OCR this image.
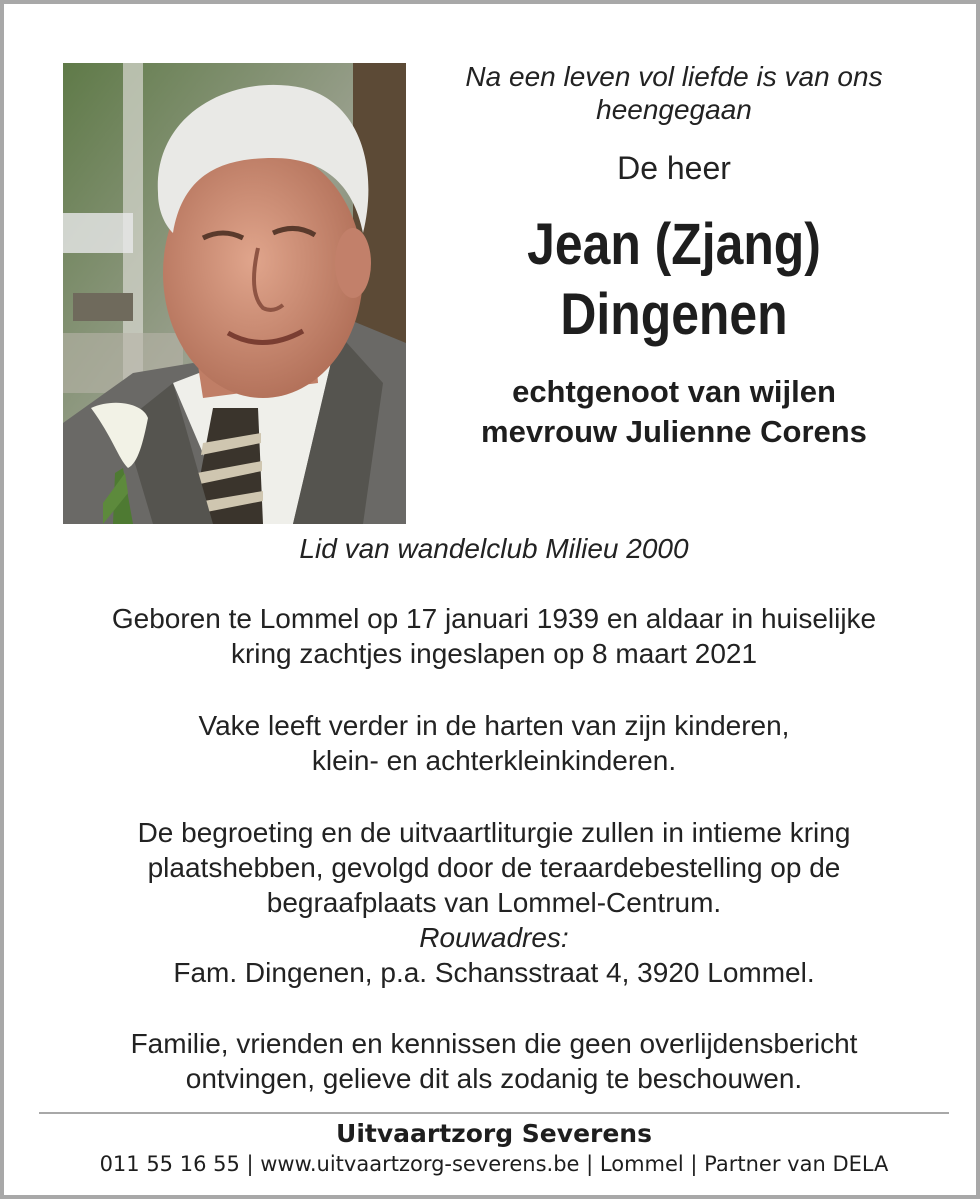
Na een leven vol liefde is van ons heengegaan
De heer
Jean (Zjang)
Dingenen
echtgenoot van wijlen
mevrouw Julienne Corens
Lid van wandelclub Milieu 2000
Geboren te Lommel op 17 januari 1939 en aldaar in huiselijke
kring zachtjes ingeslapen op 8 maart 2021
Vake leeft verder in de harten van zijn kinderen,
klein- en achterkleinkinderen.
De begroeting en de uitvaartliturgie zullen in intieme kring
plaatshebben, gevolgd door de teraardebestelling op de
begraafplaats van Lommel-Centrum.
Rouwadres:
Fam. Dingenen, p.a. Schansstraat 4, 3920 Lommel.
Familie, vrienden en kennissen die geen overlijdensbericht
ontvingen, gelieve dit als zodanig te beschouwen.
Uitvaartzorg Severens
011 55 16 55 | www.uitvaartzorg-severens.be | Lommel | Partner van DELA
